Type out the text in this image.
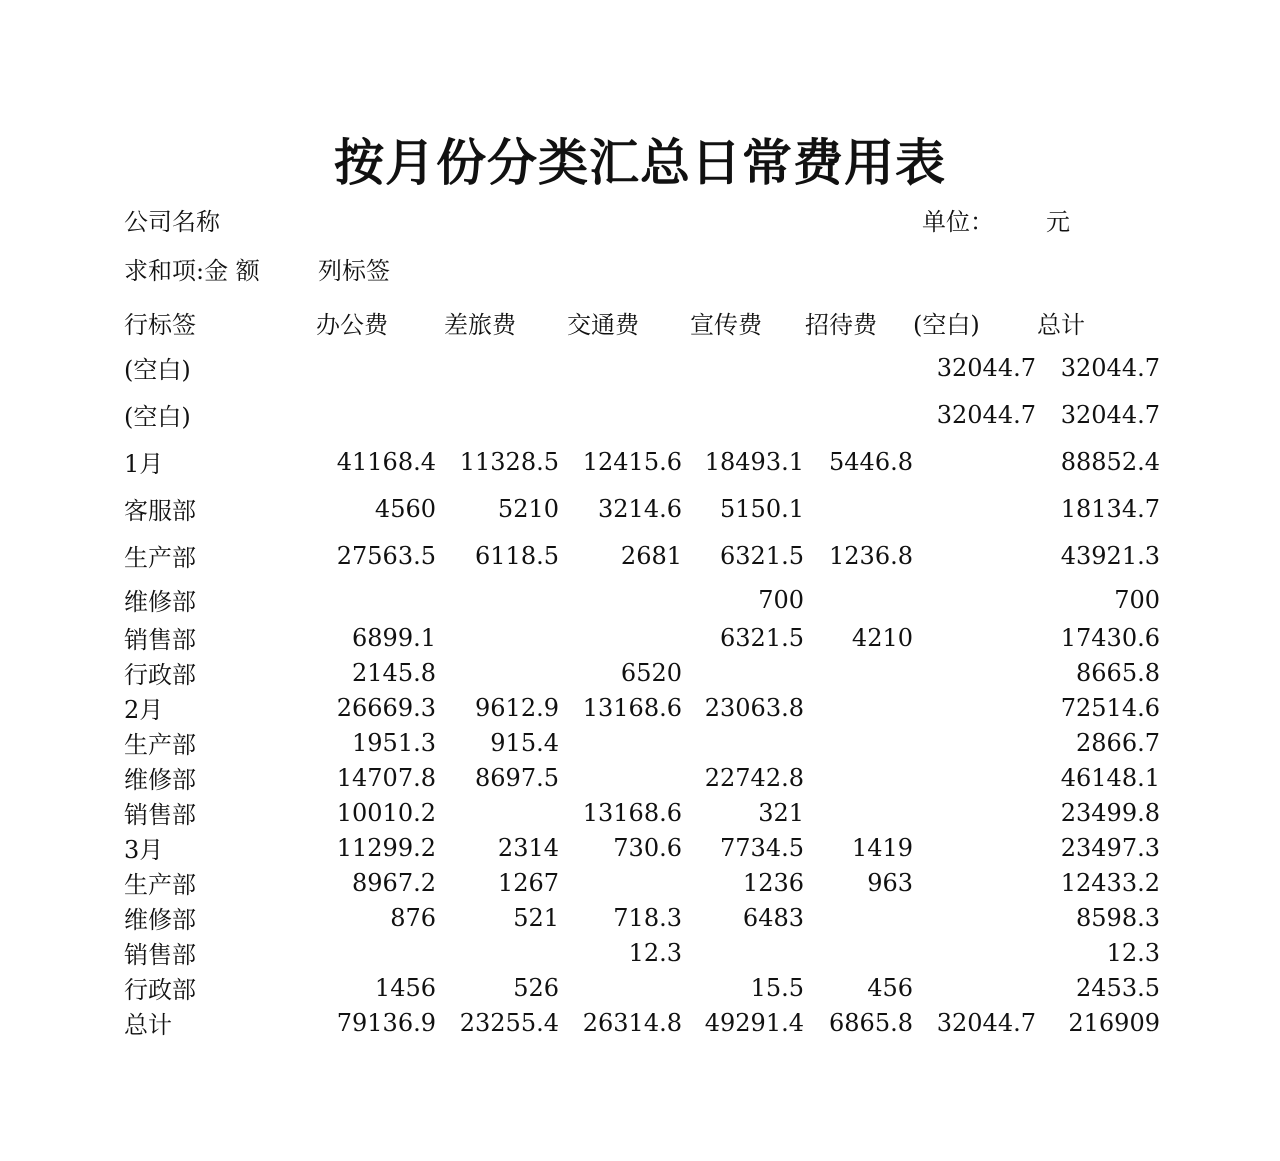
按月份分类汇总日常费用表
公司名称	单位： 元
求和项:金 额 列标签
行标签	办公费	差旅费	交通费	宣传费	招待费	(空白)	总计
(空白)						32044.7	32044.7
(空白)						32044.7	32044.7
1月	41168.4	11328.5	12415.6	18493.1	5446.8		88852.4
客服部	4560	5210	3214.6	5150.1			18134.7
生产部	27563.5	6118.5	2681	6321.5	1236.8		43921.3
维修部				700			700
销售部	6899.1			6321.5	4210		17430.6
行政部	2145.8		6520				8665.8
2月	26669.3	9612.9	13168.6	23063.8			72514.6
生产部	1951.3	915.4					2866.7
维修部	14707.8	8697.5		22742.8			46148.1
销售部	10010.2		13168.6	321			23499.8
3月	11299.2	2314	730.6	7734.5	1419		23497.3
生产部	8967.2	1267		1236	963		12433.2
维修部	876	521	718.3	6483			8598.3
销售部			12.3				12.3
行政部	1456	526		15.5	456		2453.5
总计	79136.9	23255.4	26314.8	49291.4	6865.8	32044.7	216909
